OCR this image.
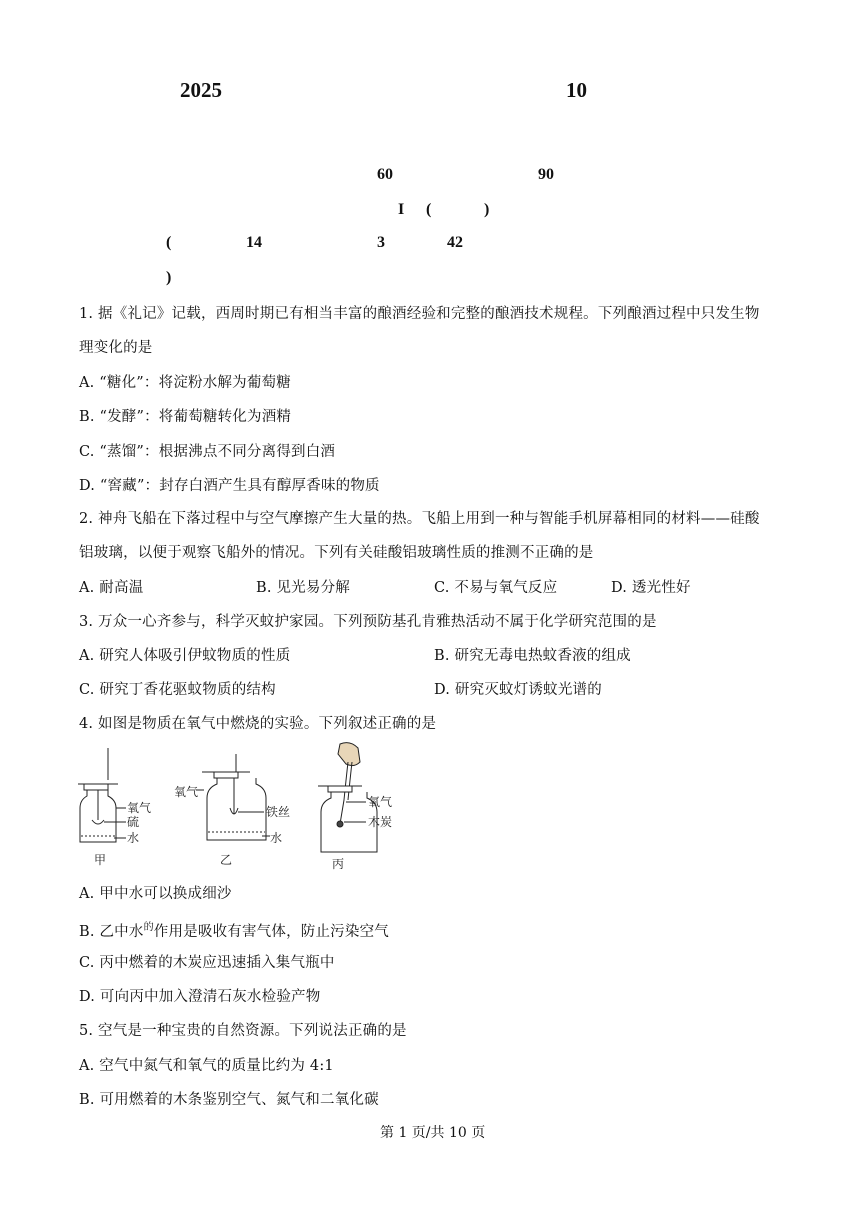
2025	10
60	90
I (	)
(	14	3	42
)
1. 据《礼记》记载，西周时期已有相当丰富的酿酒经验和完整的酿酒技术规程。下列酿酒过程中只发生物
理变化的是
A. “糖化”：将淀粉水解为葡萄糖
B. “发酵”：将葡萄糖转化为酒精
C. “蒸馏”：根据沸点不同分离得到白酒
D. “窖藏”：封存白酒产生具有醇厚香味的物质
2. 神舟飞船在下落过程中与空气摩擦产生大量的热。飞船上用到一种与智能手机屏幕相同的材料——硅酸
铝玻璃，以便于观察飞船外的情况。下列有关硅酸铝玻璃性质的推测不正确的是
A. 耐高温	B. 见光易分解	C. 不易与氧气反应	D. 透光性好
3. 万众一心齐参与，科学灭蚊护家园。下列预防基孔肯雅热活动不属于化学研究范围的是
A. 研究人体吸引伊蚊物质的性质	B. 研究无毒电热蚊香液的组成
C. 研究丁香花驱蚊物质的结构	D. 研究灭蚊灯诱蚊光谱的
4. 如图是物质在氧气中燃烧的实验。下列叙述正确的是
氧气
硫
水
甲
氧气
铁丝
水
乙
氧气
木炭
丙
A. 甲中水可以换成细沙
B. 乙中水$^的$作用是吸收有害气体，防止污染空气
C. 丙中燃着的木炭应迅速插入集气瓶中
D. 可向丙中加入澄清石灰水检验产物
5. 空气是一种宝贵的自然资源。下列说法正确的是
A. 空气中氮气和氧气的质量比约为 4:1
B. 可用燃着的木条鉴别空气、氮气和二氧化碳
第 1 页/共 10 页
